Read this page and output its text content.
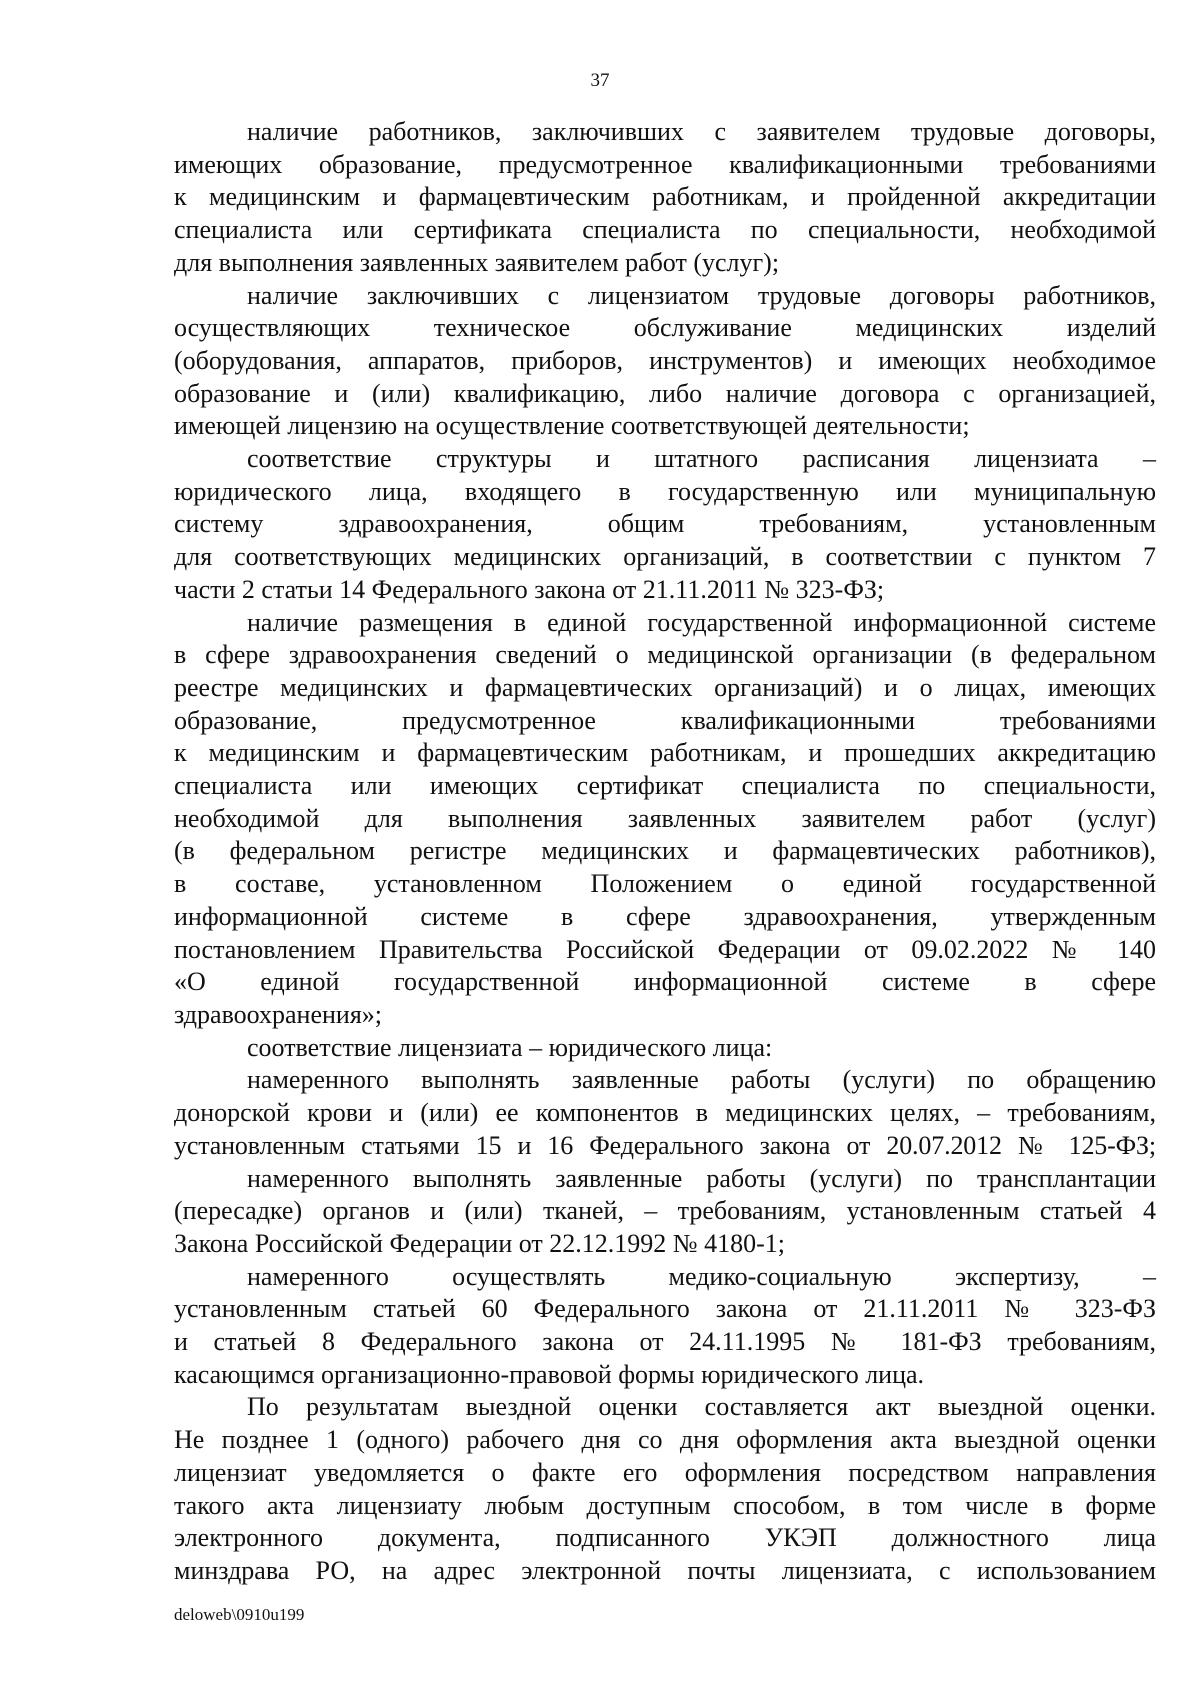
37

наличие работников, заключивших с заявителем трудовые договоры,

имеющих образование, предусмотренное квалификационными требованиями

к медицинским и фармацевтическим работникам, и пройденной аккредитации

специалиста или сертификата специалиста по специальности, необходимой

для выполнения заявленных заявителем работ (услуг);

наличие заключивших с лицензиатом трудовые договоры работников,

осуществляющих техническое обслуживание медицинских изделий

(оборудования, аппаратов, приборов, инструментов) и имеющих необходимое

образование и (или) квалификацию, либо наличие договора с организацией,

имеющей лицензию на осуществление соответствующей деятельности;

соответствие структуры и штатного расписания лицензиата –

юридического лица, входящего в государственную или муниципальную

систему здравоохранения, общим требованиям, установленным

для соответствующих медицинских организаций, в соответствии с пунктом 7

части 2 статьи 14 Федерального закона от 21.11.2011 № 323-ФЗ;

наличие размещения в единой государственной информационной системе

в сфере здравоохранения сведений о медицинской организации (в федеральном

реестре медицинских и фармацевтических организаций) и о лицах, имеющих

образование, предусмотренное квалификационными требованиями

к медицинским и фармацевтическим работникам, и прошедших аккредитацию

специалиста или имеющих сертификат специалиста по специальности,

необходимой для выполнения заявленных заявителем работ (услуг)

(в федеральном регистре медицинских и фармацевтических работников),

в составе, установленном Положением о единой государственной

информационной системе в сфере здравоохранения, утвержденным

постановлением Правительства Российской Федерации от 09.02.2022 № 140

«О единой государственной информационной системе в сфере

здравоохранения»;

соответствие лицензиата – юридического лица:

намеренного выполнять заявленные работы (услуги) по обращению

донорской крови и (или) ее компонентов в медицинских целях, – требованиям,

установленным статьями 15 и 16 Федерального закона от 20.07.2012 № 125-ФЗ;

намеренного выполнять заявленные работы (услуги) по трансплантации

(пересадке) органов и (или) тканей, – требованиям, установленным статьей 4

Закона Российской Федерации от 22.12.1992 № 4180-1;

намеренного осуществлять медико-социальную экспертизу, –

установленным статьей 60 Федерального закона от 21.11.2011 № 323-ФЗ

и статьей 8 Федерального закона от 24.11.1995 № 181-ФЗ требованиям,

касающимся организационно-правовой формы юридического лица.

По результатам выездной оценки составляется акт выездной оценки.

Не позднее 1 (одного) рабочего дня со дня оформления акта выездной оценки

лицензиат уведомляется о факте его оформления посредством направления

такого акта лицензиату любым доступным способом, в том числе в форме

электронного документа, подписанного УКЭП должностного лица

минздрава РО, на адрес электронной почты лицензиата, с использованием

deloweb\0910u199
